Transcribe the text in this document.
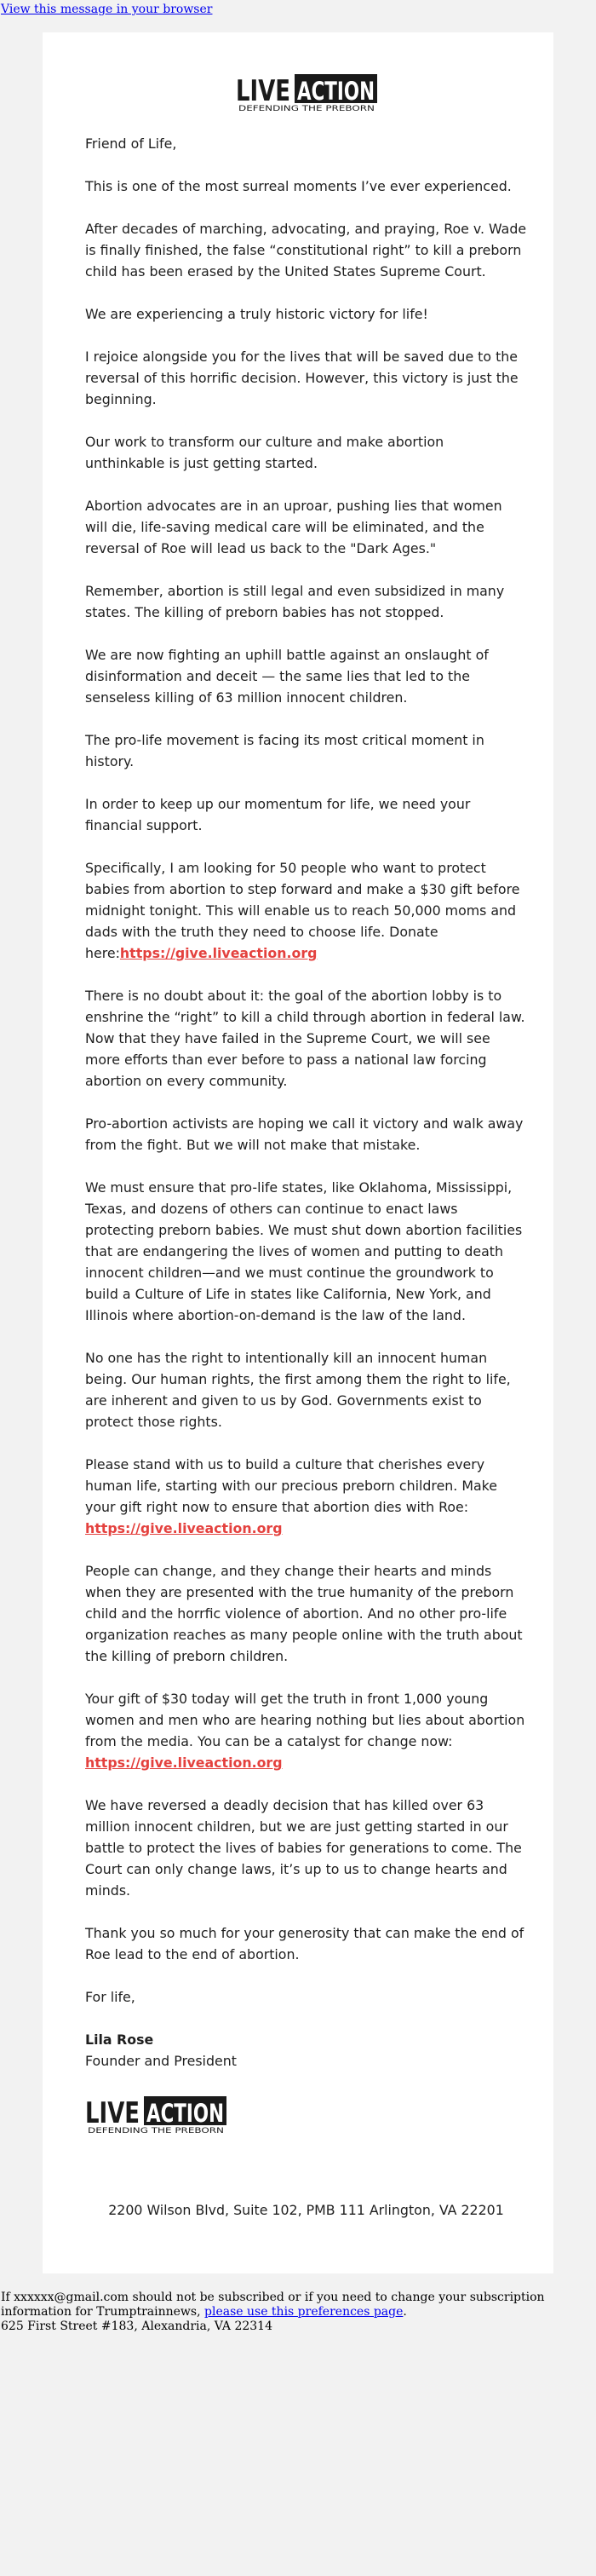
View this message in your browser
LIVE ACTION
DEFENDING THE PREBORN

Friend of Life,

This is one of the most surreal moments I’ve ever experienced.

After decades of marching, advocating, and praying, Roe v. Wade is finally finished, the false “constitutional right” to kill a preborn child has been erased by the United States Supreme Court.

We are experiencing a truly historic victory for life!

I rejoice alongside you for the lives that will be saved due to the reversal of this horrific decision. However, this victory is just the beginning.

Our work to transform our culture and make abortion unthinkable is just getting started.

Abortion advocates are in an uproar, pushing lies that women will die, life-saving medical care will be eliminated, and the reversal of Roe will lead us back to the "Dark Ages."

Remember, abortion is still legal and even subsidized in many states. The killing of preborn babies has not stopped.

We are now fighting an uphill battle against an onslaught of disinformation and deceit — the same lies that led to the senseless killing of 63 million innocent children.

The pro-life movement is facing its most critical moment in history.

In order to keep up our momentum for life, we need your financial support.

Specifically, I am looking for 50 people who want to protect babies from abortion to step forward and make a $30 gift before midnight tonight. This will enable us to reach 50,000 moms and dads with the truth they need to choose life. Donate here:https://give.liveaction.org

There is no doubt about it: the goal of the abortion lobby is to enshrine the “right” to kill a child through abortion in federal law. Now that they have failed in the Supreme Court, we will see more efforts than ever before to pass a national law forcing abortion on every community.

Pro-abortion activists are hoping we call it victory and walk away from the fight. But we will not make that mistake.

We must ensure that pro-life states, like Oklahoma, Mississippi, Texas, and dozens of others can continue to enact laws protecting preborn babies. We must shut down abortion facilities that are endangering the lives of women and putting to death innocent children—and we must continue the groundwork to build a Culture of Life in states like California, New York, and Illinois where abortion-on-demand is the law of the land.

No one has the right to intentionally kill an innocent human being. Our human rights, the first among them the right to life, are inherent and given to us by God. Governments exist to protect those rights.

Please stand with us to build a culture that cherishes every human life, starting with our precious preborn children. Make your gift right now to ensure that abortion dies with Roe:
https://give.liveaction.org

People can change, and they change their hearts and minds when they are presented with the true humanity of the preborn child and the horrfic violence of abortion. And no other pro-life organization reaches as many people online with the truth about the killing of preborn children.

Your gift of $30 today will get the truth in front 1,000 young women and men who are hearing nothing but lies about abortion from the media. You can be a catalyst for change now:
https://give.liveaction.org

We have reversed a deadly decision that has killed over 63 million innocent children, but we are just getting started in our battle to protect the lives of babies for generations to come. The Court can only change laws, it’s up to us to change hearts and minds.

Thank you so much for your generosity that can make the end of Roe lead to the end of abortion.

For life,

Lila Rose
Founder and President

LIVE ACTION
DEFENDING THE PREBORN

2200 Wilson Blvd, Suite 102, PMB 111 Arlington, VA 22201

If xxxxxx@gmail.com should not be subscribed or if you need to change your subscription information for Trumptrainnews, please use this preferences page.
625 First Street #183, Alexandria, VA 22314
